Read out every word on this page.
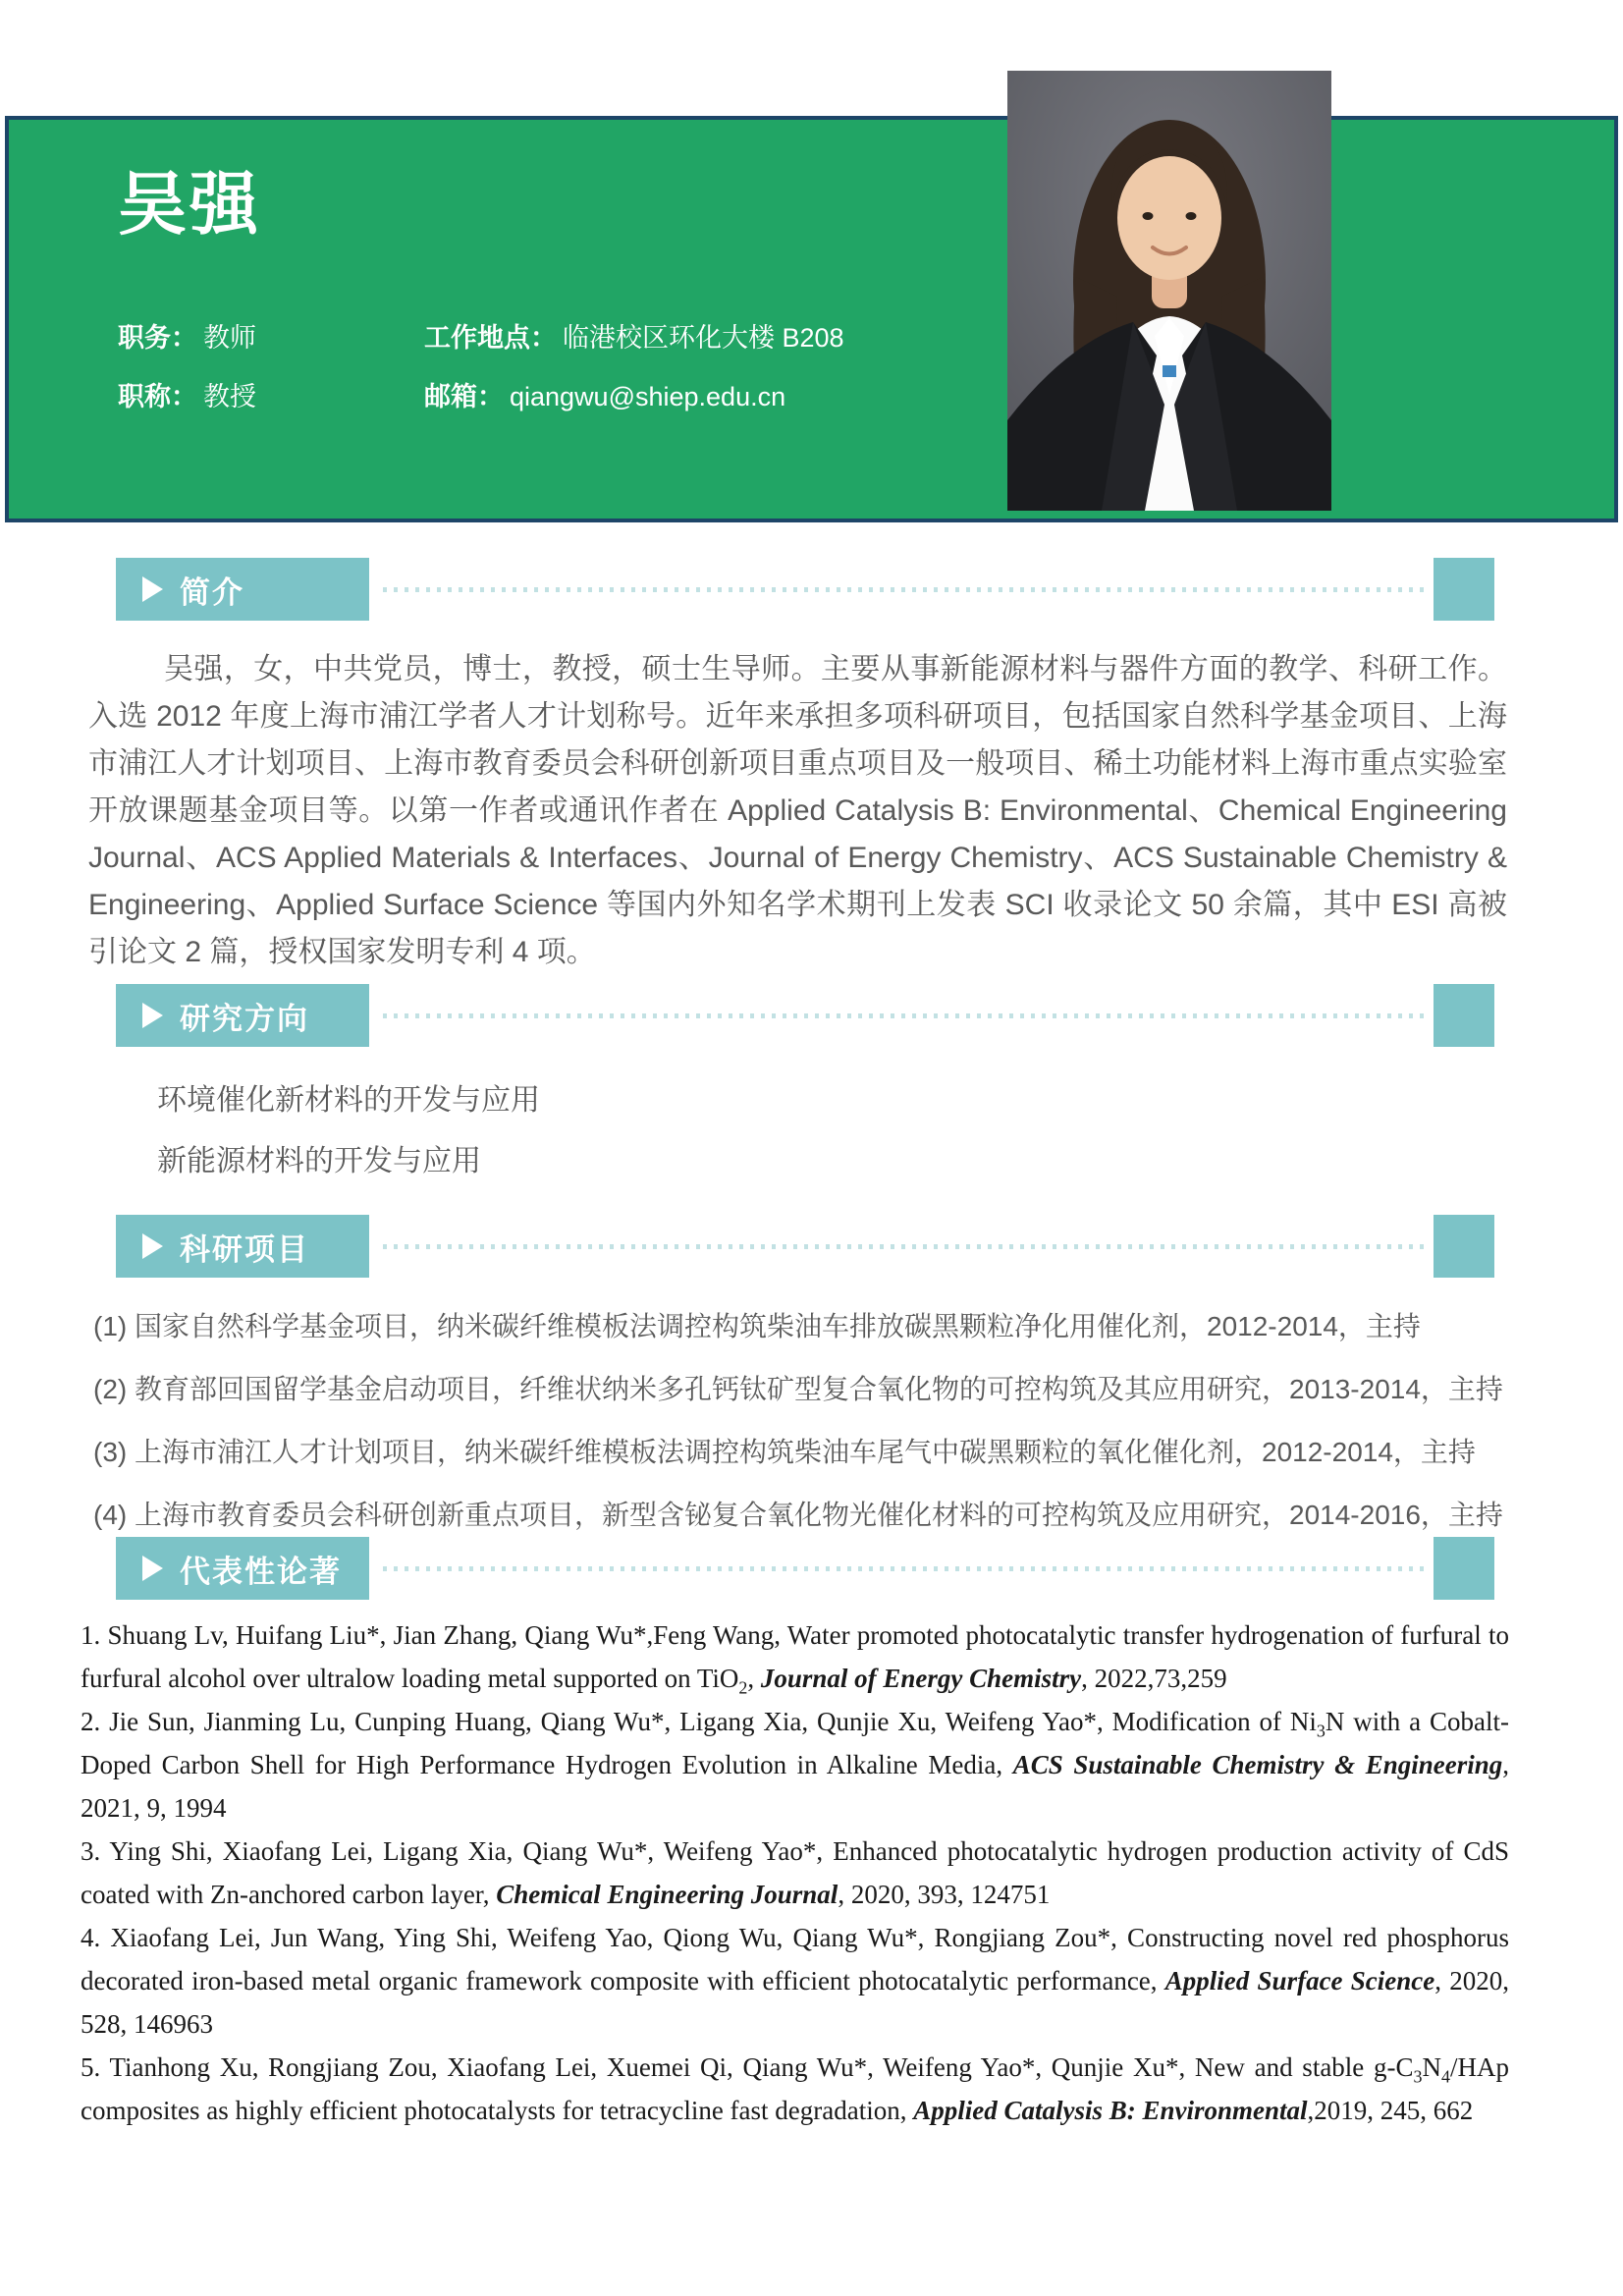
吴强
职务： 教师	工作地点： 临港校区环化大楼 B208
职称： 教授	邮箱： qiangwu@shiep.edu.cn
简介

吴强，女，中共党员，博士，教授，硕士生导师。主要从事新能源材料与器件方面的教学、科研工作。入选 2012 年度上海市浦江学者人才计划称号。近年来承担多项科研项目，包括国家自然科学基金项目、上海市浦江人才计划项目、上海市教育委员会科研创新项目重点项目及一般项目、稀土功能材料上海市重点实验室开放课题基金项目等。以第一作者或通讯作者在 Applied Catalysis B: Environmental、Chemical Engineering Journal、ACS Applied Materials & Interfaces、Journal of Energy Chemistry、ACS Sustainable Chemistry & Engineering、Applied Surface Science 等国内外知名学术期刊上发表 SCI 收录论文 50 余篇，其中 ESI 高被引论文 2 篇，授权国家发明专利 4 项。

研究方向

环境催化新材料的开发与应用

新能源材料的开发与应用

科研项目

(1) 国家自然科学基金项目，纳米碳纤维模板法调控构筑柴油车排放碳黑颗粒净化用催化剂，2012-2014，主持

(2) 教育部回国留学基金启动项目，纤维状纳米多孔钙钛矿型复合氧化物的可控构筑及其应用研究，2013-2014，主持

(3) 上海市浦江人才计划项目，纳米碳纤维模板法调控构筑柴油车尾气中碳黑颗粒的氧化催化剂，2012-2014，主持

(4) 上海市教育委员会科研创新重点项目，新型含铋复合氧化物光催化材料的可控构筑及应用研究，2014-2016，主持

代表性论著

1. Shuang Lv, Huifang Liu*, Jian Zhang, Qiang Wu*,Feng Wang, Water promoted photocatalytic transfer hydrogenation of furfural to furfural alcohol over ultralow loading metal supported on TiO$_2$, Journal of Energy Chemistry, 2022,73,259

2. Jie Sun, Jianming Lu, Cunping Huang, Qiang Wu*, Ligang Xia, Qunjie Xu, Weifeng Yao*, Modification of $Ni_3N$ with a Cobalt-Doped Carbon Shell for High Performance Hydrogen Evolution in Alkaline Media, ACS Sustainable Chemistry & Engineering, 2021, 9, 1994

3. Ying Shi, Xiaofang Lei, Ligang Xia, Qiang Wu*, Weifeng Yao*, Enhanced photocatalytic hydrogen production activity of CdS coated with Zn-anchored carbon layer, Chemical Engineering Journal, 2020, 393, 124751

4. Xiaofang Lei, Jun Wang, Ying Shi, Weifeng Yao, Qiong Wu, Qiang Wu*, Rongjiang Zou*, Constructing novel red phosphorus decorated iron-based metal organic framework composite with efficient photocatalytic performance, Applied Surface Science, 2020, 528, 146963

5. Tianhong Xu, Rongjiang Zou, Xiaofang Lei, Xuemei Qi, Qiang Wu*, Weifeng Yao*, Qunjie Xu*, New and stable $g-C_3N_4$/HAp composites as highly efficient photocatalysts for tetracycline fast degradation, Applied Catalysis B: Environmental,2019, 245, 662
